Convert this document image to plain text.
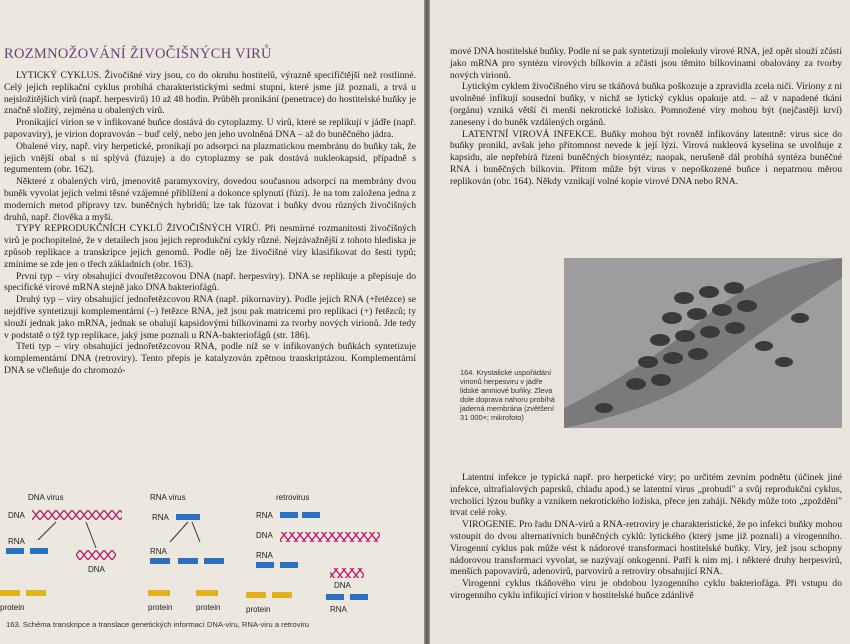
ROZMNOŽOVÁNÍ ŽIVOČIŠNÝCH VIRŮ

LYTICKÝ CYKLUS. Živočišné viry jsou, co do okruhu hostitelů, výrazně specifičtější než rostlinné. Celý jejich replikační cyklus probíhá charakteristickými sedmi stupni, které jsme již poznali, a trvá u nejsložitějších virů (např. herpesvirů) 10 až 48 hodin. Průběh pronikání (penetrace) do hostitelské buňky je značně složitý, zejména u obalených virů.

Pronikající virion se v infikované buňce dostává do cytoplazmy. U virů, které se replikují v jádře (např. papovaviry), je virion dopravován – buď celý, nebo jen jeho uvolněná DNA – až do buněčného jádra.

Obalené viry, např. viry herpetické, pronikají po adsorpci na plazmatickou membránu do buňky tak, že jejich vnější obal s ní splývá (fúzuje) a do cytoplazmy se pak dostává nukleokapsid, případně s tegumentem (obr. 162).

Některé z obalených virů, jmenovitě paramyxoviry, dovedou současnou adsorpcí na membrány dvou buněk vyvolat jejich velmi těsné vzájemné přiblížení a dokonce splynutí (fúzi). Je na tom založena jedna z moderních metod přípravy tzv. buněčných hybridů; lze tak fúzovat i buňky dvou různých živočišných druhů, např. člověka a myši.

TYPY REPRODUKČNÍCH CYKLŮ ŽIVOČIŠNÝCH VIRŮ. Při nesmírné rozmanitosti živočišných virů je pochopitelné, že v detailech jsou jejich reprodukční cykly různé. Nejzávažnější z tohoto hlediska je způsob replikace a transkripce jejich genomů. Podle něj lze živočišné viry klasifikovat do šesti typů; zmíníme se zde jen o třech základních (obr. 163).

První typ – viry obsahující dvouřetězcovou DNA (např. herpesviry). DNA se replikuje a přepisuje do specifické virové mRNA stejně jako DNA bakteriofágů.

Druhý typ – viry obsahující jednořetězcovou RNA (např. pikornaviry). Podle jejich RNA (+řetězce) se nejdříve syntetizují komplementární (–) řetězce RNA, jež jsou pak matricemi pro replikaci (+) řetězců; ty slouží jednak jako mRNA, jednak se obalují kapsidovými bílkovinami za tvorby nových virionů. Jde tedy v podstatě o týž typ replikace, jaký jsme poznali u RNA-bakteriofágů (str. 186).

Třetí typ – viry obsahující jednořetězcovou RNA, podle níž se v infikovaných buňkách syntetizuje komplementární DNA (retroviry). Tento přepis je katalyzován zpětnou transkriptázou. Komplementární DNA se včleňuje do chromozó-

DNA virus
DNA
RNA
DNA
protein
RNA virus
RNA
RNA
protein	protein
retrovirus
RNA
DNA
RNA
DNA
protein	RNA
163. Schéma transkripce a translace genetických informací DNA-viru, RNA-viru a retroviru

mové DNA hostitelské buňky. Podle ní se pak syntetizují molekuly virové RNA, jež opět slouží zčásti jako mRNA pro syntézu virových bílkovin a zčásti jsou těmito bílkovinami obalovány za tvorby nových virionů.

Lytickým cyklem živočišného viru se tkáňová buňka poškozuje a zpravidla zcela ničí. Viriony z ní uvolněné infikují sousední buňky, v nichž se lytický cyklus opakuje atd. – až v napadené tkáni (orgánu) vzniká větší či menší nekrotické ložisko. Pomnožené viry mohou být (nejčastěji krví) zaneseny i do buněk vzdálených orgánů.

LATENTNÍ VIROVÁ INFEKCE. Buňky mohou být rovněž infikovány latentně: virus sice do buňky pronikl, avšak jeho přítomnost nevede k její lýzi. Virová nukleová kyselina se uvolňuje z kapsidu, ale nepřebírá řízení buněčných biosyntéz; naopak, nerušeně dál probíhá syntéza buněčné RNA i buněčných bílkovin. Přitom může být virus v nepoškozené buňce i nepatrnou měrou replikován (obr. 164). Někdy vznikají volné kopie virové DNA nebo RNA.

164. Krystalické uspořádání virionů herpesviru v jádře lidské amniové buňky. Zleva dole doprava nahoru probíhá jaderná membrána (zvětšení 31 000×; mikrofoto)

Latentní infekce je typická např. pro herpetické viry; po určitém zevním podnětu (účinek jiné infekce, ultrafialových paprsků, chladu apod.) se latentní virus „probudí" a svůj reprodukční cyklus, vrcholící lýzou buňky a vznikem nekrotického ložiska, přece jen zahájí. Někdy může toto „zpoždění" trvat celé roky.

VIROGENIE. Pro řadu DNA-virů a RNA-retroviry je charakteristické, že po infekci buňky mohou vstoupit do dvou alternativních buněčných cyklů: lytického (který jsme již poznali) a virogenního. Virogenní cyklus pak může vést k nádorové transformaci hostitelské buňky. Viry, jež jsou schopny nádorovou transformaci vyvolat, se nazývají onkogenní. Patří k nim mj. i některé druhy herpesvirů, menších papovavirů, adenovirů, parvovirů a retroviry obsahující RNA.

Virogenní cyklus tkáňového viru je obdobou lyzogenního cyklu bakteriofága. Při vstupu do virogenního cyklu infikující virion v hostitelské buňce zdánlivě
